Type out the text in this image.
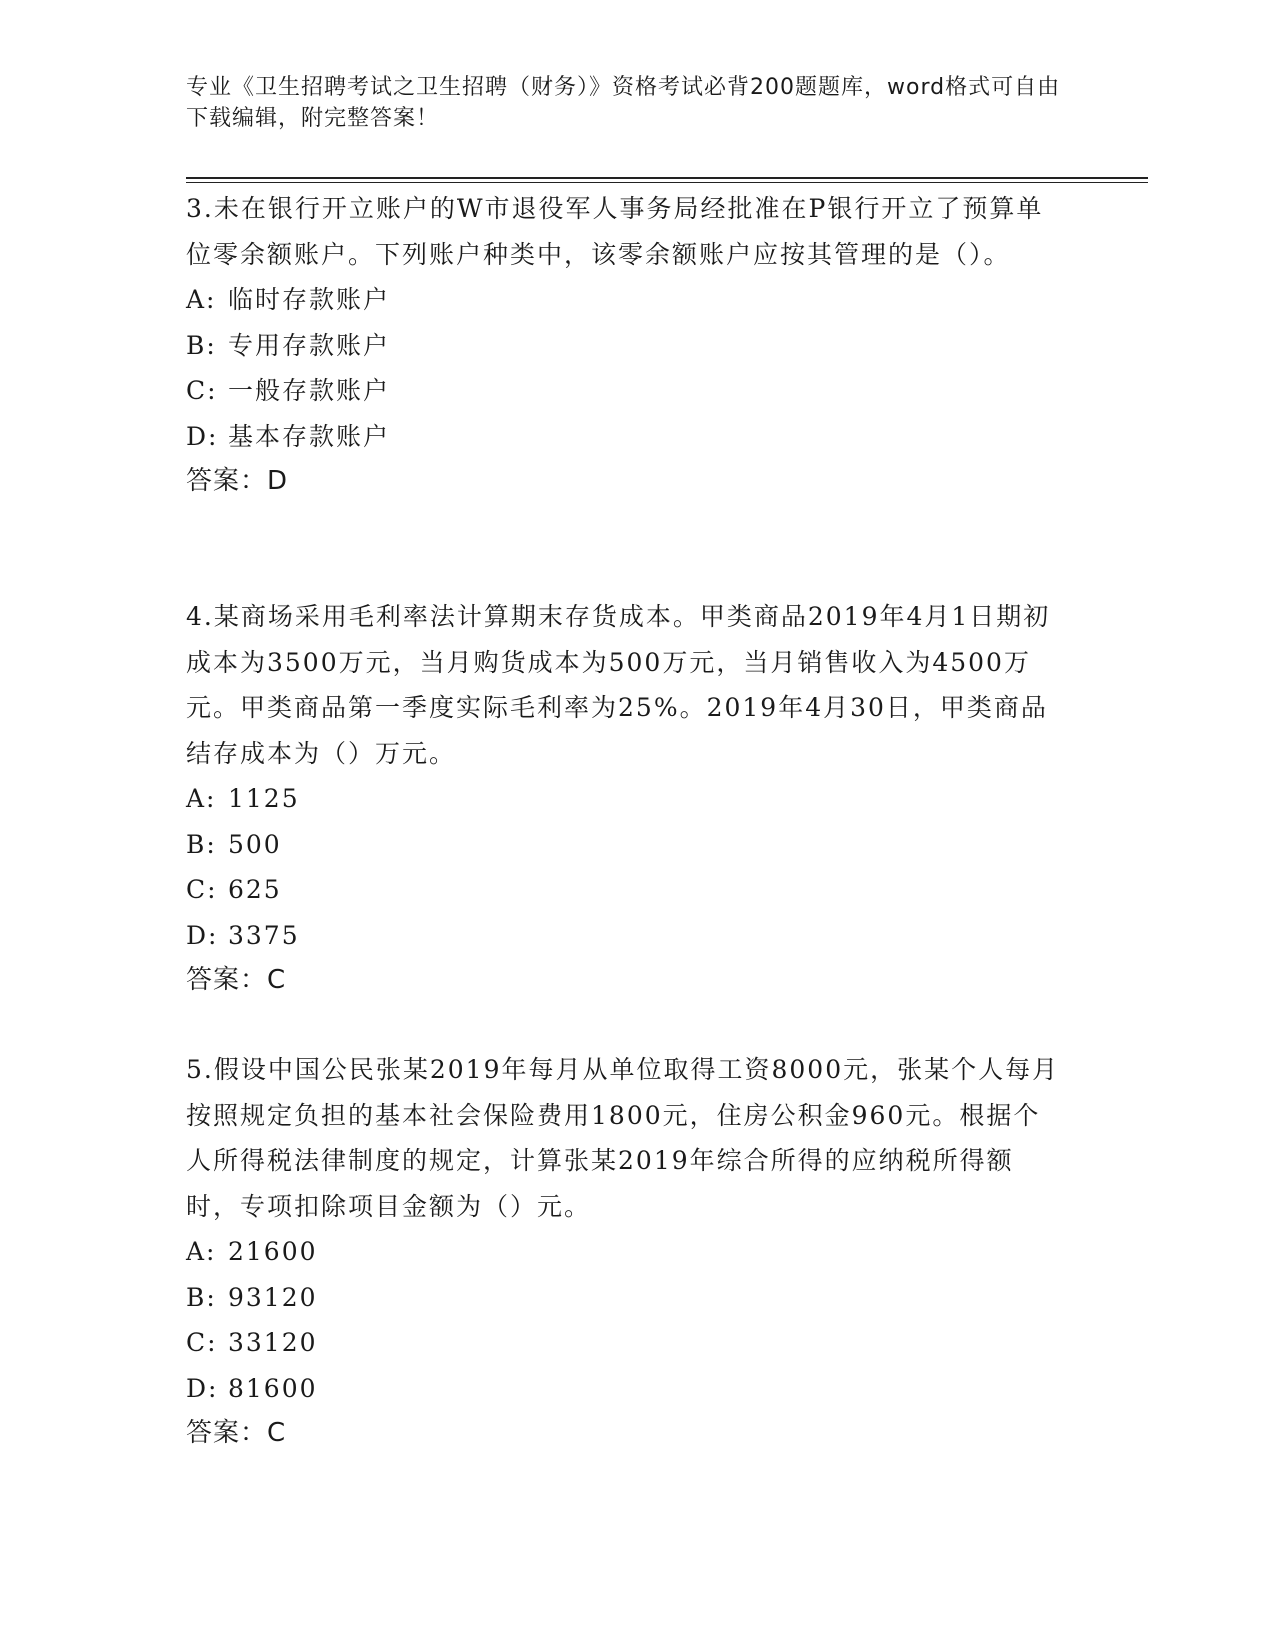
专业《卫生招聘考试之卫生招聘（财务）》资格考试必背200题题库，word格式可自由下载编辑，附完整答案！

3.未在银行开立账户的W市退役军人事务局经批准在P银行开立了预算单位零余额账户。下列账户种类中，该零余额账户应按其管理的是（）。

A: 临时存款账户

B: 专用存款账户

C: 一般存款账户

D: 基本存款账户

答案：D

4.某商场采用毛利率法计算期末存货成本。甲类商品2019年4月1日期初成本为3500万元，当月购货成本为500万元，当月销售收入为4500万元。甲类商品第一季度实际毛利率为25%。2019年4月30日，甲类商品结存成本为（）万元。

A: 1125

B: 500

C: 625

D: 3375

答案：C

5.假设中国公民张某2019年每月从单位取得工资8000元，张某个人每月按照规定负担的基本社会保险费用1800元，住房公积金960元。根据个人所得税法律制度的规定，计算张某2019年综合所得的应纳税所得额时，专项扣除项目金额为（）元。

A: 21600

B: 93120

C: 33120

D: 81600

答案：C
